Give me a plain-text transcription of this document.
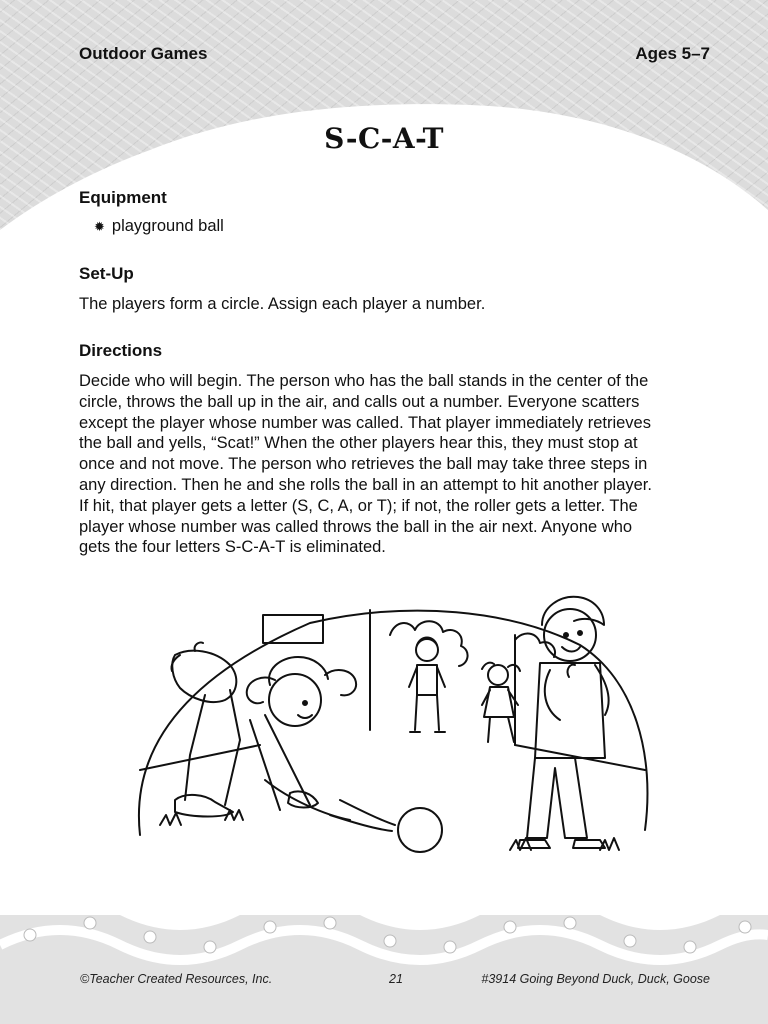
Outdoor Games	Ages 5–7
S-C-A-T
Equipment
✹ playground ball
Set-Up
The players form a circle. Assign each player a number.
Directions
Decide who will begin. The person who has the ball stands in the center of the
circle, throws the ball up in the air, and calls out a number. Everyone scatters
except the player whose number was called. That player immediately retrieves
the ball and yells, “Scat!” When the other players hear this, they must stop at
once and not move. The person who retrieves the ball may take three steps in
any direction. Then he and she rolls the ball in an attempt to hit another player.
If hit, that player gets a letter (S, C, A, or T); if not, the roller gets a letter. The
player whose number was called throws the ball in the air next. Anyone who
gets the four letters S-C-A-T is eliminated.
©Teacher Created Resources, Inc.	21	#3914 Going Beyond Duck, Duck, Goose
